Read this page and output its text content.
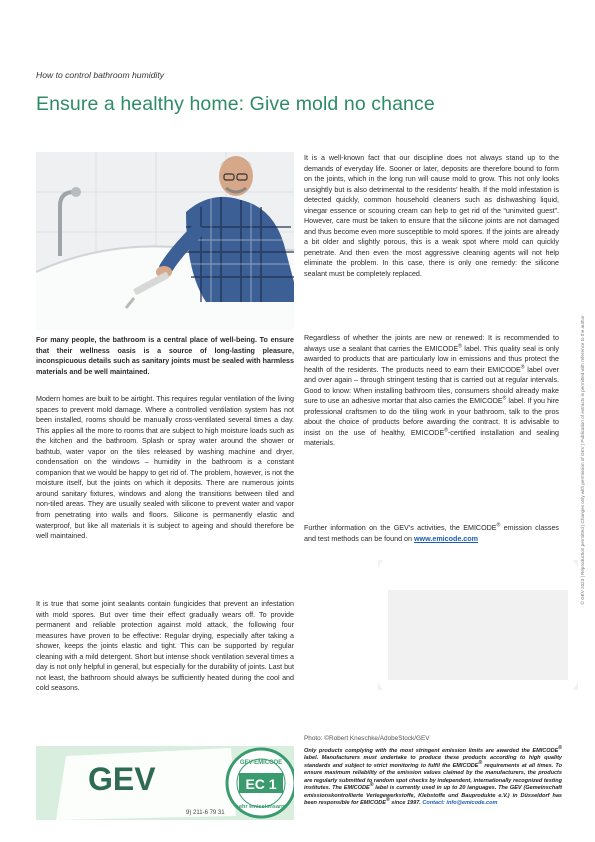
How to control bathroom humidity
Ensure a healthy home: Give mold no chance
For many people, the bathroom is a central place of well-being. To ensure that their wellness oasis is a source of long-lasting pleasure, inconspicuous details such as sanitary joints must be sealed with harmless materials and be well maintained.
Modern homes are built to be airtight. This requires regular ventilation of the living spaces to prevent mold damage. Where a controlled ventilation system has not been installed, rooms should be manually cross-ventilated several times a day. This applies all the more to rooms that are subject to high moisture loads such as the kitchen and the bathroom. Splash or spray water around the shower or bathtub, water vapor on the tiles released by washing machine and dryer, condensation on the windows – humidity in the bathroom is a constant companion that we would be happy to get rid of. The problem, however, is not the moisture itself, but the joints on which it deposits. There are numerous joints around sanitary fixtures, windows and along the transitions between tiled and non-tiled areas. They are usually sealed with silicone to prevent water and vapor from penetrating into walls and floors. Silicone is permanently elastic and waterproof, but like all materials it is subject to ageing and should therefore be well maintained.
It is true that some joint sealants contain fungicides that prevent an infestation with mold spores. But over time their effect gradually wears off. To provide permanent and reliable protection against mold attack, the following four measures have proven to be effective: Regular drying, especially after taking a shower, keeps the joints elastic and tight. This can be supported by regular cleaning with a mild detergent. Short but intense shock ventilation several times a day is not only helpful in general, but especially for the durability of joints. Last but not least, the bathroom should always be sufficiently heated during the cool and cold seasons.
It is a well-known fact that our discipline does not always stand up to the demands of everyday life. Sooner or later, deposits are therefore bound to form on the joints, which in the long run will cause mold to grow. This not only looks unsightly but is also detrimental to the residents’ health. If the mold infestation is detected quickly, common household cleaners such as dishwashing liquid, vinegar essence or scouring cream can help to get rid of the “uninvited guest”. However, care must be taken to ensure that the silicone joints are not damaged and thus become even more susceptible to mold spores. If the joints are already a bit older and slightly porous, this is a weak spot where mold can quickly penetrate. And then even the most aggressive cleaning agents will not help eliminate the problem. In this case, there is only one remedy: the silicone sealant must be completely replaced.
Regardless of whether the joints are new or renewed: It is recommended to always use a sealant that carries the EMICODE® label. This quality seal is only awarded to products that are particularly low in emissions and thus protect the health of the residents. The products need to earn their EMICODE® label over and over again – through stringent testing that is carried out at regular intervals. Good to know: When installing bathroom tiles, consumers should already make sure to use an adhesive mortar that also carries the EMICODE® label. If you hire professional craftsmen to do the tiling work in your bathroom, talk to the pros about the choice of products before awarding the contract. It is advisable to insist on the use of healthy, EMICODE®-certified installation and sealing materials.
Further information on the GEV’s activities, the EMICODE® emission classes and test methods can be found on www.emicode.com
Photo: ©Robert Kneschke/AdobeStock/GEV
© GEV 2023 | Reproduction permitted | Changes only with permission of GEV | Publication of extracts is permitted with reference to the author
GEV
9) 211-6 79 31
EC 1
GEV-EMICODE
sehr emissionsarm
Only products complying with the most stringent emission limits are awarded the EMICODE® label. Manufacturers must undertake to produce these products according to high quality standards and subject to strict monitoring to fulfil the EMICODE® requirements at all times. To ensure maximum reliability of the emission values claimed by the manufacturers, the products are regularly submitted to random spot checks by independent, internationally recognized testing institutes. The EMICODE® label is currently used in up to 20 languages. The GEV (Gemeinschaft emissionskontrollierte Verlegewerkstoffe, Klebstoffe und Bauprodukte e.V.) in Düsseldorf has been responsible for EMICODE® since 1997. Contact: info@emicode.com
